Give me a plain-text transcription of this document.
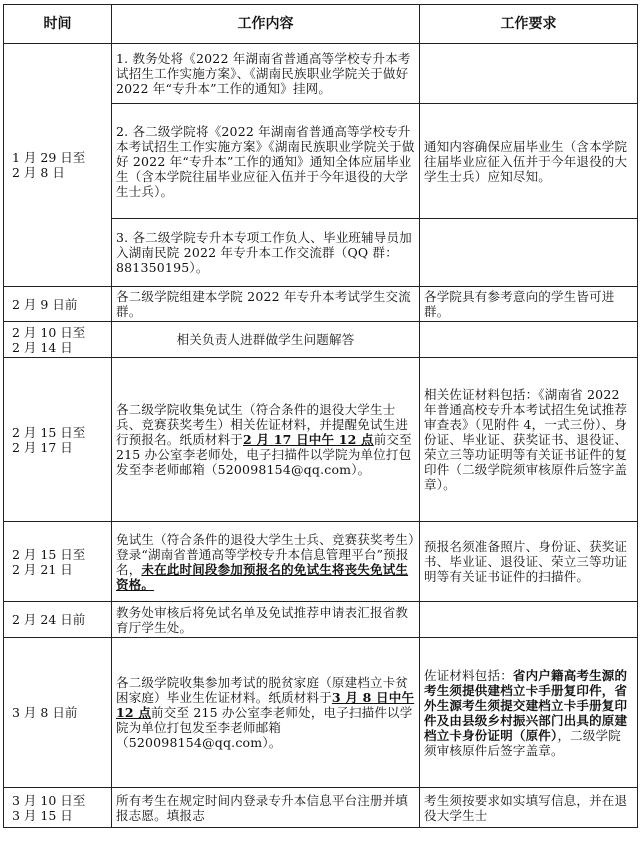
时间	工作内容	工作要求

1 月 29 日至
2 月 8 日	1. 教务处将《2022 年湖南省普通高等学校专升本考试招生工作实施方案》、《湖南民族职业学院关于做好 2022 年“专升本”工作的通知》挂网。	
	2. 各二级学院将《2022 年湖南省普通高等学校专升本考试招生工作实施方案》《湖南民族职业学院关于做好 2022 年“专升本”工作的通知》通知全体应届毕业生（含本学院往届毕业应征入伍并于今年退役的大学生士兵）。	通知内容确保应届毕业生（含本学院往届毕业应征入伍并于今年退役的大学生士兵）应知尽知。
	3. 各二级学院专升本专项工作负人、毕业班辅导员加入湖南民院 2022 年专升本工作交流群（QQ 群：881350195）。	
2 月 9 日前	各二级学院组建本学院 2022 年专升本考试学生交流群。	各学院具有参考意向的学生皆可进群。

2 月 10 日至
2 月 14 日	相关负责人进群做学生问题解答	

2 月 15 日至
2 月 17 日	各二级学院收集免试生（符合条件的退役大学生士兵、竞赛获奖考生）相关佐证材料，并提醒免试生进行预报名。纸质材料于2 月 17 日中午 12 点前交至 215 办公室李老师处，电子扫描件以学院为单位打包发至李老师邮箱（520098154@qq.com）。	相关佐证材料包括：《湖南省 2022 年普通高校专升本考试招生免试推荐审查表》（见附件 4，一式三份）、身份证、毕业证、获奖证书、退役证、荣立三等功证明等有关证书证件的复印件（二级学院须审核原件后签字盖章）。

2 月 15 日至
2 月 21 日	免试生（符合条件的退役大学生士兵、竞赛获奖考生）登录“湖南省普通高等学校专升本信息管理平台”预报名，未在此时间段参加预报名的免试生将丧失免试生资格。	预报名须准备照片、身份证、获奖证书、毕业证、退役证、荣立三等功证明等有关证书证件的扫描件。
2 月 24 日前	教务处审核后将免试名单及免试推荐申请表汇报省教育厅学生处。	
3 月 8 日前	各二级学院收集参加考试的脱贫家庭（原建档立卡贫困家庭）毕业生佐证材料。纸质材料于3 月 8 日中午 12 点前交至 215 办公室李老师处，电子扫描件以学院为单位打包发至李老师邮箱（520098154@qq.com）。	佐证材料包括：省内户籍高考生源的考生须提供建档立卡手册复印件，省外生源考生须提交建档立卡手册复印件及由县级乡村振兴部门出具的原建档立卡身份证明（原件），二级学院须审核原件后签字盖章。

3 月 10 日至
3 月 15 日	所有考生在规定时间内登录专升本信息平台注册并填报志愿。填报志	考生须按要求如实填写信息，并在退役大学生士
